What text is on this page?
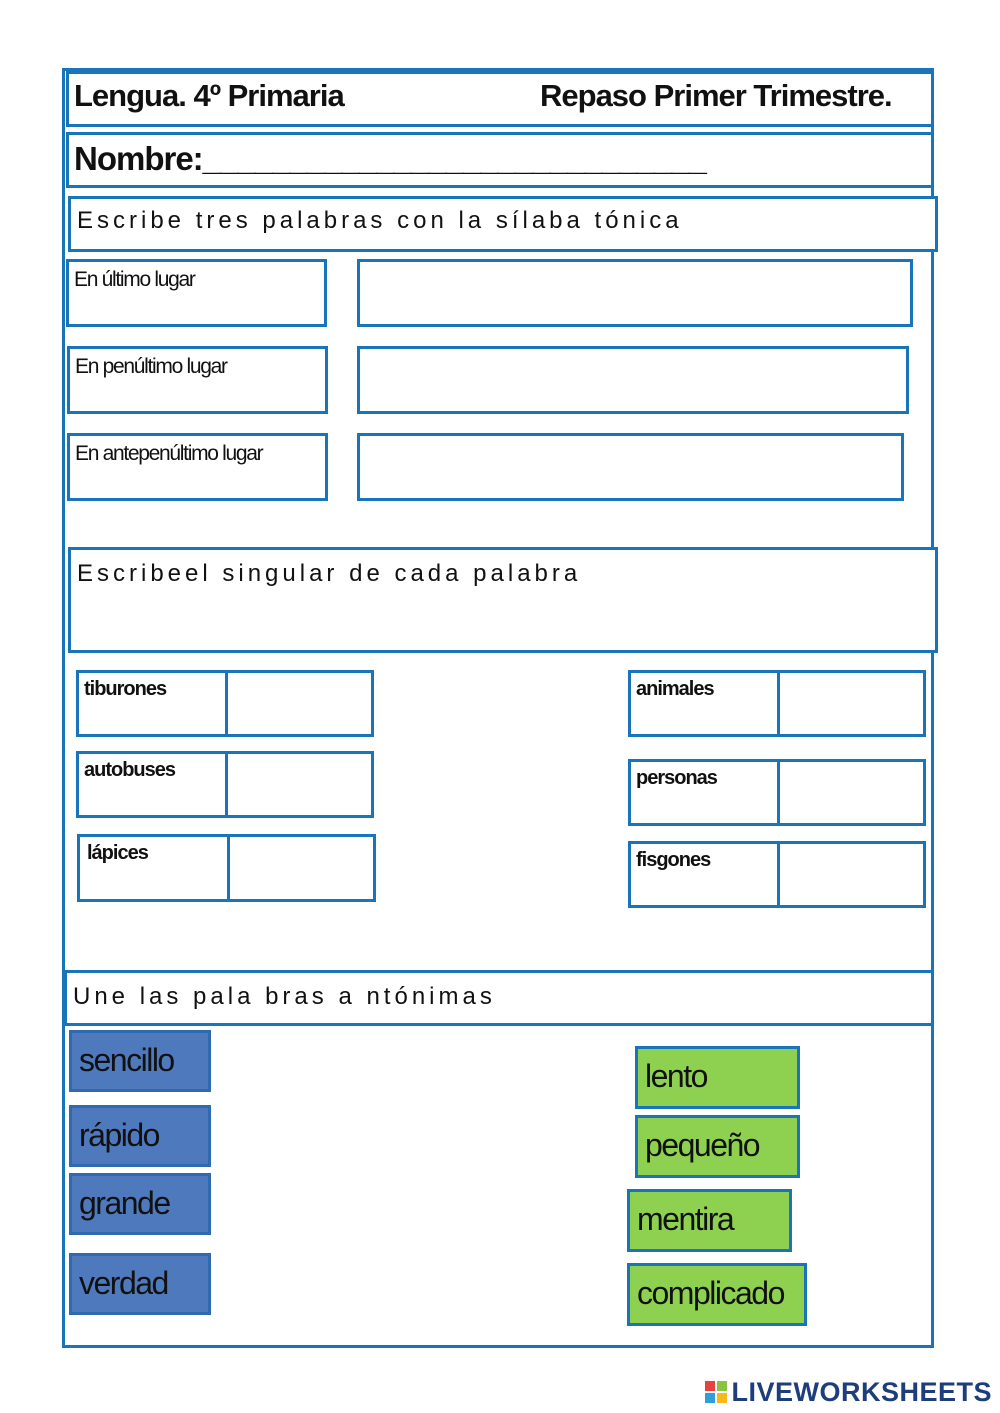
Lengua. 4º Primaria	Repaso Primer Trimestre.
Nombre:_____________________________
Escribe tres palabras con la sílaba tónica
En último lugar
En penúltimo lugar
En antepenúltimo lugar
Escribeel singular de cada palabra
tiburones
autobuses
lápices
animales
personas
fisgones
Une las pala bras a ntónimas
sencillo
rápido
grande
verdad
lento
pequeño
mentira
complicado
LIVEWORKSHEETS
